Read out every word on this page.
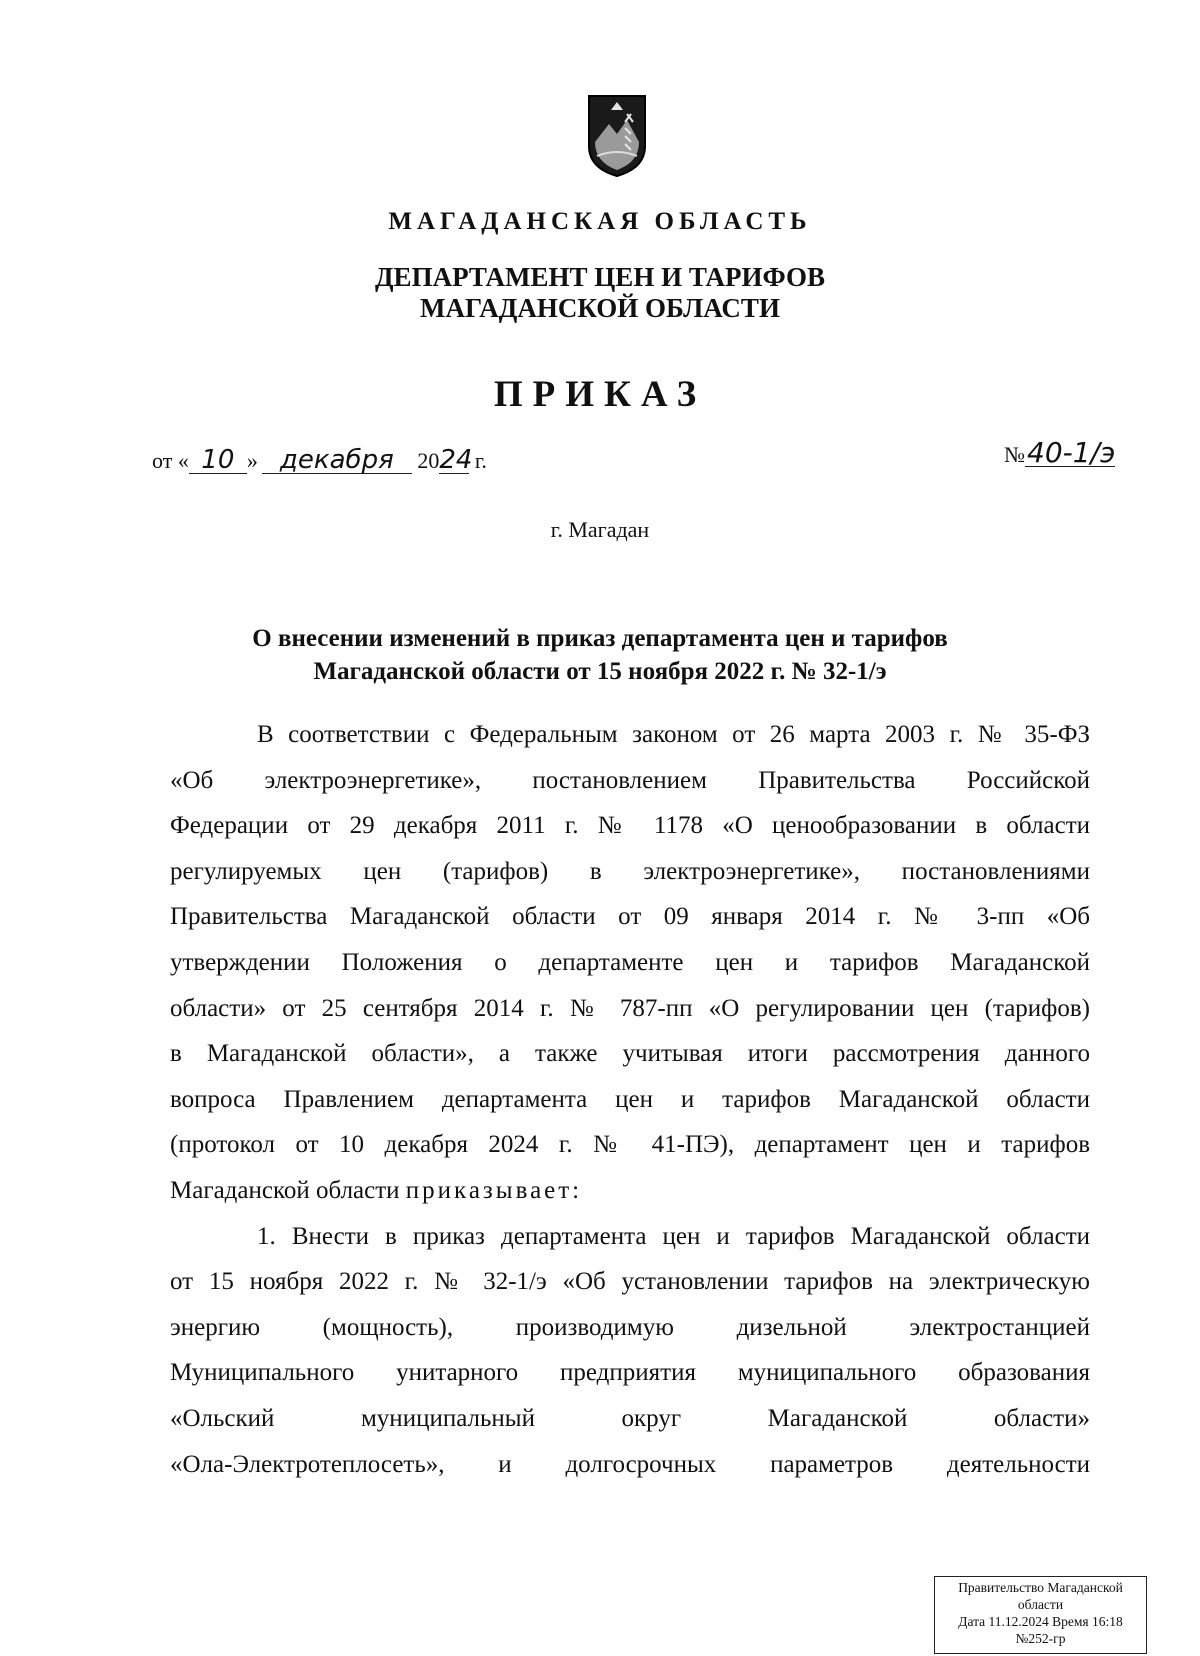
МАГАДАНСКАЯ ОБЛАСТЬ
ДЕПАРТАМЕНТ ЦЕН И ТАРИФОВ
МАГАДАНСКОЙ ОБЛАСТИ
ПРИКАЗ
от « 10 » декабря 2024 г.	№40-1/э
г. Магадан
О внесении изменений в приказ департамента цен и тарифов
Магаданской области от 15 ноября 2022 г. № 32-1/э
В соответствии с Федеральным законом от 26 марта 2003 г. № 35-ФЗ
«Об электроэнергетике», постановлением Правительства Российской
Федерации от 29 декабря 2011 г. № 1178 «О ценообразовании в области
регулируемых цен (тарифов) в электроэнергетике», постановлениями
Правительства Магаданской области от 09 января 2014 г. № 3-пп «Об
утверждении Положения о департаменте цен и тарифов Магаданской
области» от 25 сентября 2014 г. № 787-пп «О регулировании цен (тарифов)
в Магаданской области», а также учитывая итоги рассмотрения данного
вопроса Правлением департамента цен и тарифов Магаданской области
(протокол от 10 декабря 2024 г. № 41-ПЭ), департамент цен и тарифов
Магаданской области приказывает:
1. Внести в приказ департамента цен и тарифов Магаданской области
от 15 ноября 2022 г. № 32-1/э «Об установлении тарифов на электрическую
энергию (мощность), производимую дизельной электростанцией
Муниципального унитарного предприятия муниципального образования
«Ольский муниципальный округ Магаданской области»
«Ола-Электротеплосеть», и долгосрочных параметров деятельности
Правительство Магаданской
области
Дата 11.12.2024 Время 16:18
№252-гр
